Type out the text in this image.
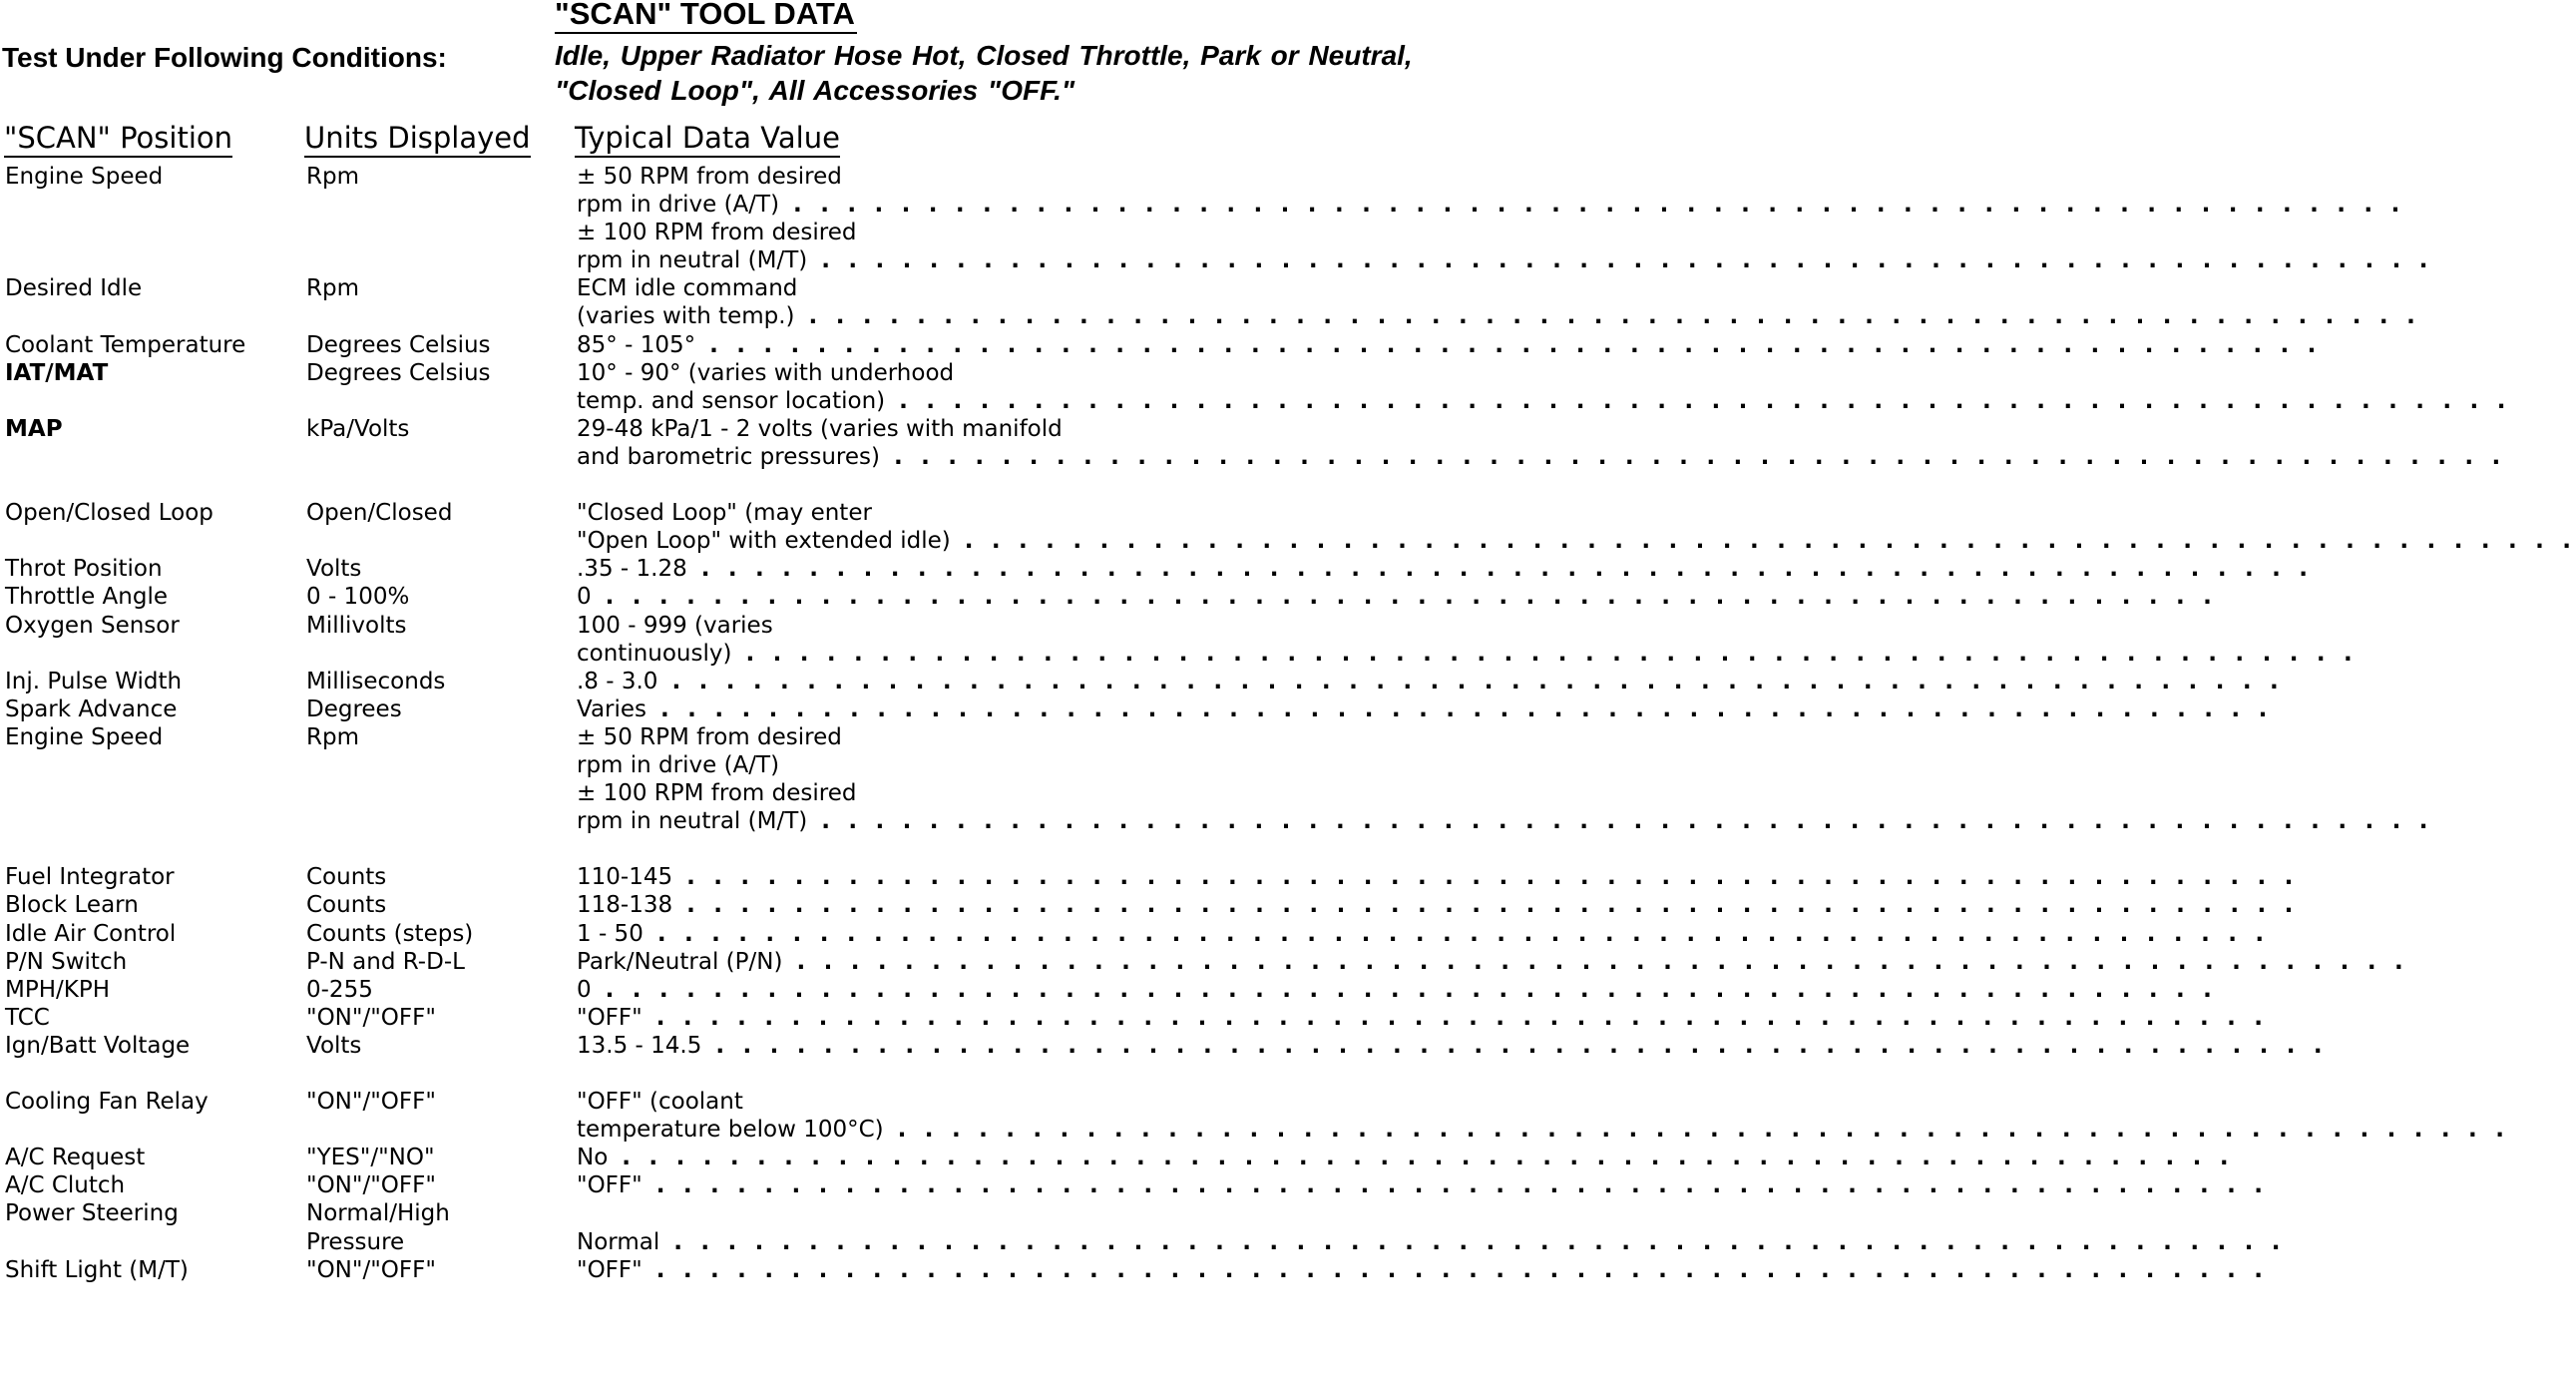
"SCAN" TOOL DATA
Test Under Following Conditions:	Idle, Upper Radiator Hose Hot, Closed Throttle, Park or Neutral, "Closed Loop", All Accessories "OFF."
"SCAN" Position Units Displayed Typical Data Value
Engine Speed	Rpm	± 50 RPM from desired
rpm in drive (A/T) . . . . . . . . . . . . . . . . . . . . . . . . . . . . . . . . . . . . . . . . . . . . . . . . . . . . . . . . . . . .
± 100 RPM from desired
rpm in neutral (M/T) . . . . . . . . . . . . . . . . . . . . . . . . . . . . . . . . . . . . . . . . . . . . . . . . . . . . . . . . . . . .
Desired Idle	Rpm	ECM idle command
(varies with temp.) . . . . . . . . . . . . . . . . . . . . . . . . . . . . . . . . . . . . . . . . . . . . . . . . . . . . . . . . . . . .
Coolant Temperature	Degrees Celsius	85° - 105° . . . . . . . . . . . . . . . . . . . . . . . . . . . . . . . . . . . . . . . . . . . . . . . . . . . . . . . . . . . .
IAT/MAT	Degrees Celsius	10° - 90° (varies with underhood
temp. and sensor location) . . . . . . . . . . . . . . . . . . . . . . . . . . . . . . . . . . . . . . . . . . . . . . . . . . . . . . . . . . . .
MAP	kPa/Volts	29-48 kPa/1 - 2 volts (varies with manifold
and barometric pressures) . . . . . . . . . . . . . . . . . . . . . . . . . . . . . . . . . . . . . . . . . . . . . . . . . . . . . . . . . . . .
Open/Closed Loop	Open/Closed	"Closed Loop" (may enter
"Open Loop" with extended idle) . . . . . . . . . . . . . . . . . . . . . . . . . . . . . . . . . . . . . . . . . . . . . . . . . . . . . . . . . . . .
Throt Position	Volts	.35 - 1.28 . . . . . . . . . . . . . . . . . . . . . . . . . . . . . . . . . . . . . . . . . . . . . . . . . . . . . . . . . . . .
Throttle Angle	0 - 100%	0 . . . . . . . . . . . . . . . . . . . . . . . . . . . . . . . . . . . . . . . . . . . . . . . . . . . . . . . . . . . .
Oxygen Sensor	Millivolts	100 - 999 (varies
continuously) . . . . . . . . . . . . . . . . . . . . . . . . . . . . . . . . . . . . . . . . . . . . . . . . . . . . . . . . . . . .
Inj. Pulse Width	Milliseconds	.8 - 3.0 . . . . . . . . . . . . . . . . . . . . . . . . . . . . . . . . . . . . . . . . . . . . . . . . . . . . . . . . . . . .
Spark Advance	Degrees	Varies . . . . . . . . . . . . . . . . . . . . . . . . . . . . . . . . . . . . . . . . . . . . . . . . . . . . . . . . . . . .
Engine Speed	Rpm	± 50 RPM from desired
rpm in drive (A/T)
± 100 RPM from desired
rpm in neutral (M/T) . . . . . . . . . . . . . . . . . . . . . . . . . . . . . . . . . . . . . . . . . . . . . . . . . . . . . . . . . . . .
Fuel Integrator	Counts	110-145 . . . . . . . . . . . . . . . . . . . . . . . . . . . . . . . . . . . . . . . . . . . . . . . . . . . . . . . . . . . .
Block Learn	Counts	118-138 . . . . . . . . . . . . . . . . . . . . . . . . . . . . . . . . . . . . . . . . . . . . . . . . . . . . . . . . . . . .
Idle Air Control	Counts (steps)	1 - 50 . . . . . . . . . . . . . . . . . . . . . . . . . . . . . . . . . . . . . . . . . . . . . . . . . . . . . . . . . . . .
P/N Switch	P-N and R-D-L	Park/Neutral (P/N) . . . . . . . . . . . . . . . . . . . . . . . . . . . . . . . . . . . . . . . . . . . . . . . . . . . . . . . . . . . .
MPH/KPH	0-255	0 . . . . . . . . . . . . . . . . . . . . . . . . . . . . . . . . . . . . . . . . . . . . . . . . . . . . . . . . . . . .
TCC	"ON"/"OFF"	"OFF" . . . . . . . . . . . . . . . . . . . . . . . . . . . . . . . . . . . . . . . . . . . . . . . . . . . . . . . . . . . .
Ign/Batt Voltage	Volts	13.5 - 14.5 . . . . . . . . . . . . . . . . . . . . . . . . . . . . . . . . . . . . . . . . . . . . . . . . . . . . . . . . . . . .
Cooling Fan Relay	"ON"/"OFF"	"OFF" (coolant
temperature below 100°C) . . . . . . . . . . . . . . . . . . . . . . . . . . . . . . . . . . . . . . . . . . . . . . . . . . . . . . . . . . . .
A/C Request	"YES"/"NO"	No . . . . . . . . . . . . . . . . . . . . . . . . . . . . . . . . . . . . . . . . . . . . . . . . . . . . . . . . . . . .
A/C Clutch	"ON"/"OFF"	"OFF" . . . . . . . . . . . . . . . . . . . . . . . . . . . . . . . . . . . . . . . . . . . . . . . . . . . . . . . . . . . .
Power Steering	Normal/High
Pressure	Normal . . . . . . . . . . . . . . . . . . . . . . . . . . . . . . . . . . . . . . . . . . . . . . . . . . . . . . . . . . . .
Shift Light (M/T)	"ON"/"OFF"	"OFF" . . . . . . . . . . . . . . . . . . . . . . . . . . . . . . . . . . . . . . . . . . . . . . . . . . . . . . . . . . . .
